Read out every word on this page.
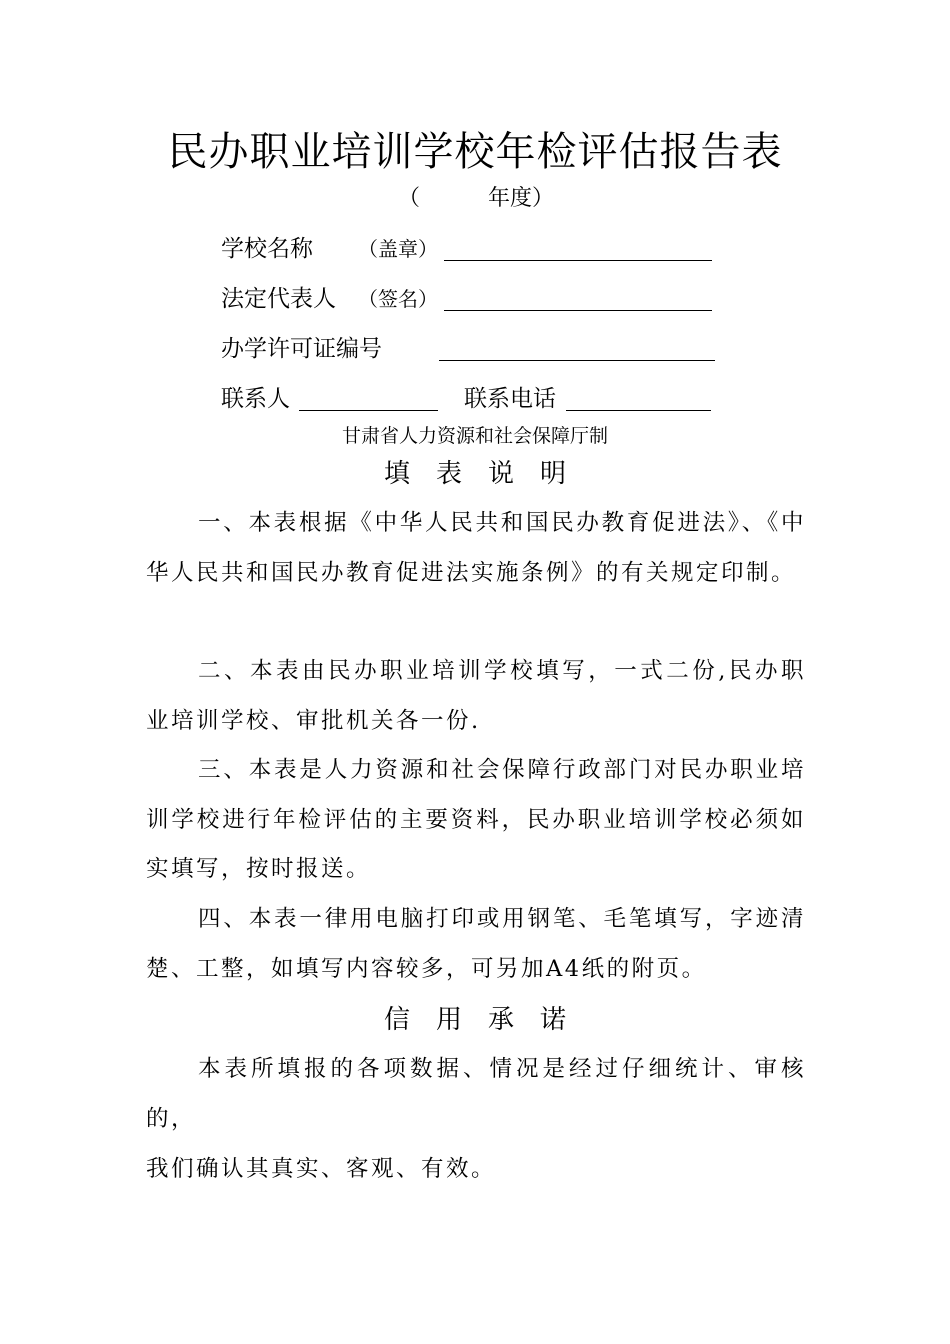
民办职业培训学校年检评估报告表
（	年度）
学校名称 （盖章）
法定代表人 （签名）
办学许可证编号
联系人	联系电话
甘肃省人力资源和社会保障厅制
填表说明
一、本表根据《中华人民共和国民办教育促进法》、《中华人民共和国民办教育促进法实施条例》的有关规定印制。
二、本表由民办职业培训学校填写，一式二份,民办职业培训学校、审批机关各一份.
三、本表是人力资源和社会保障行政部门对民办职业培训学校进行年检评估的主要资料，民办职业培训学校必须如实填写，按时报送。
四、本表一律用电脑打印或用钢笔、毛笔填写，字迹清楚、工整，如填写内容较多，可另加A4纸的附页。
信用承诺
本表所填报的各项数据、情况是经过仔细统计、审核的，
我们确认其真实、客观、有效。
